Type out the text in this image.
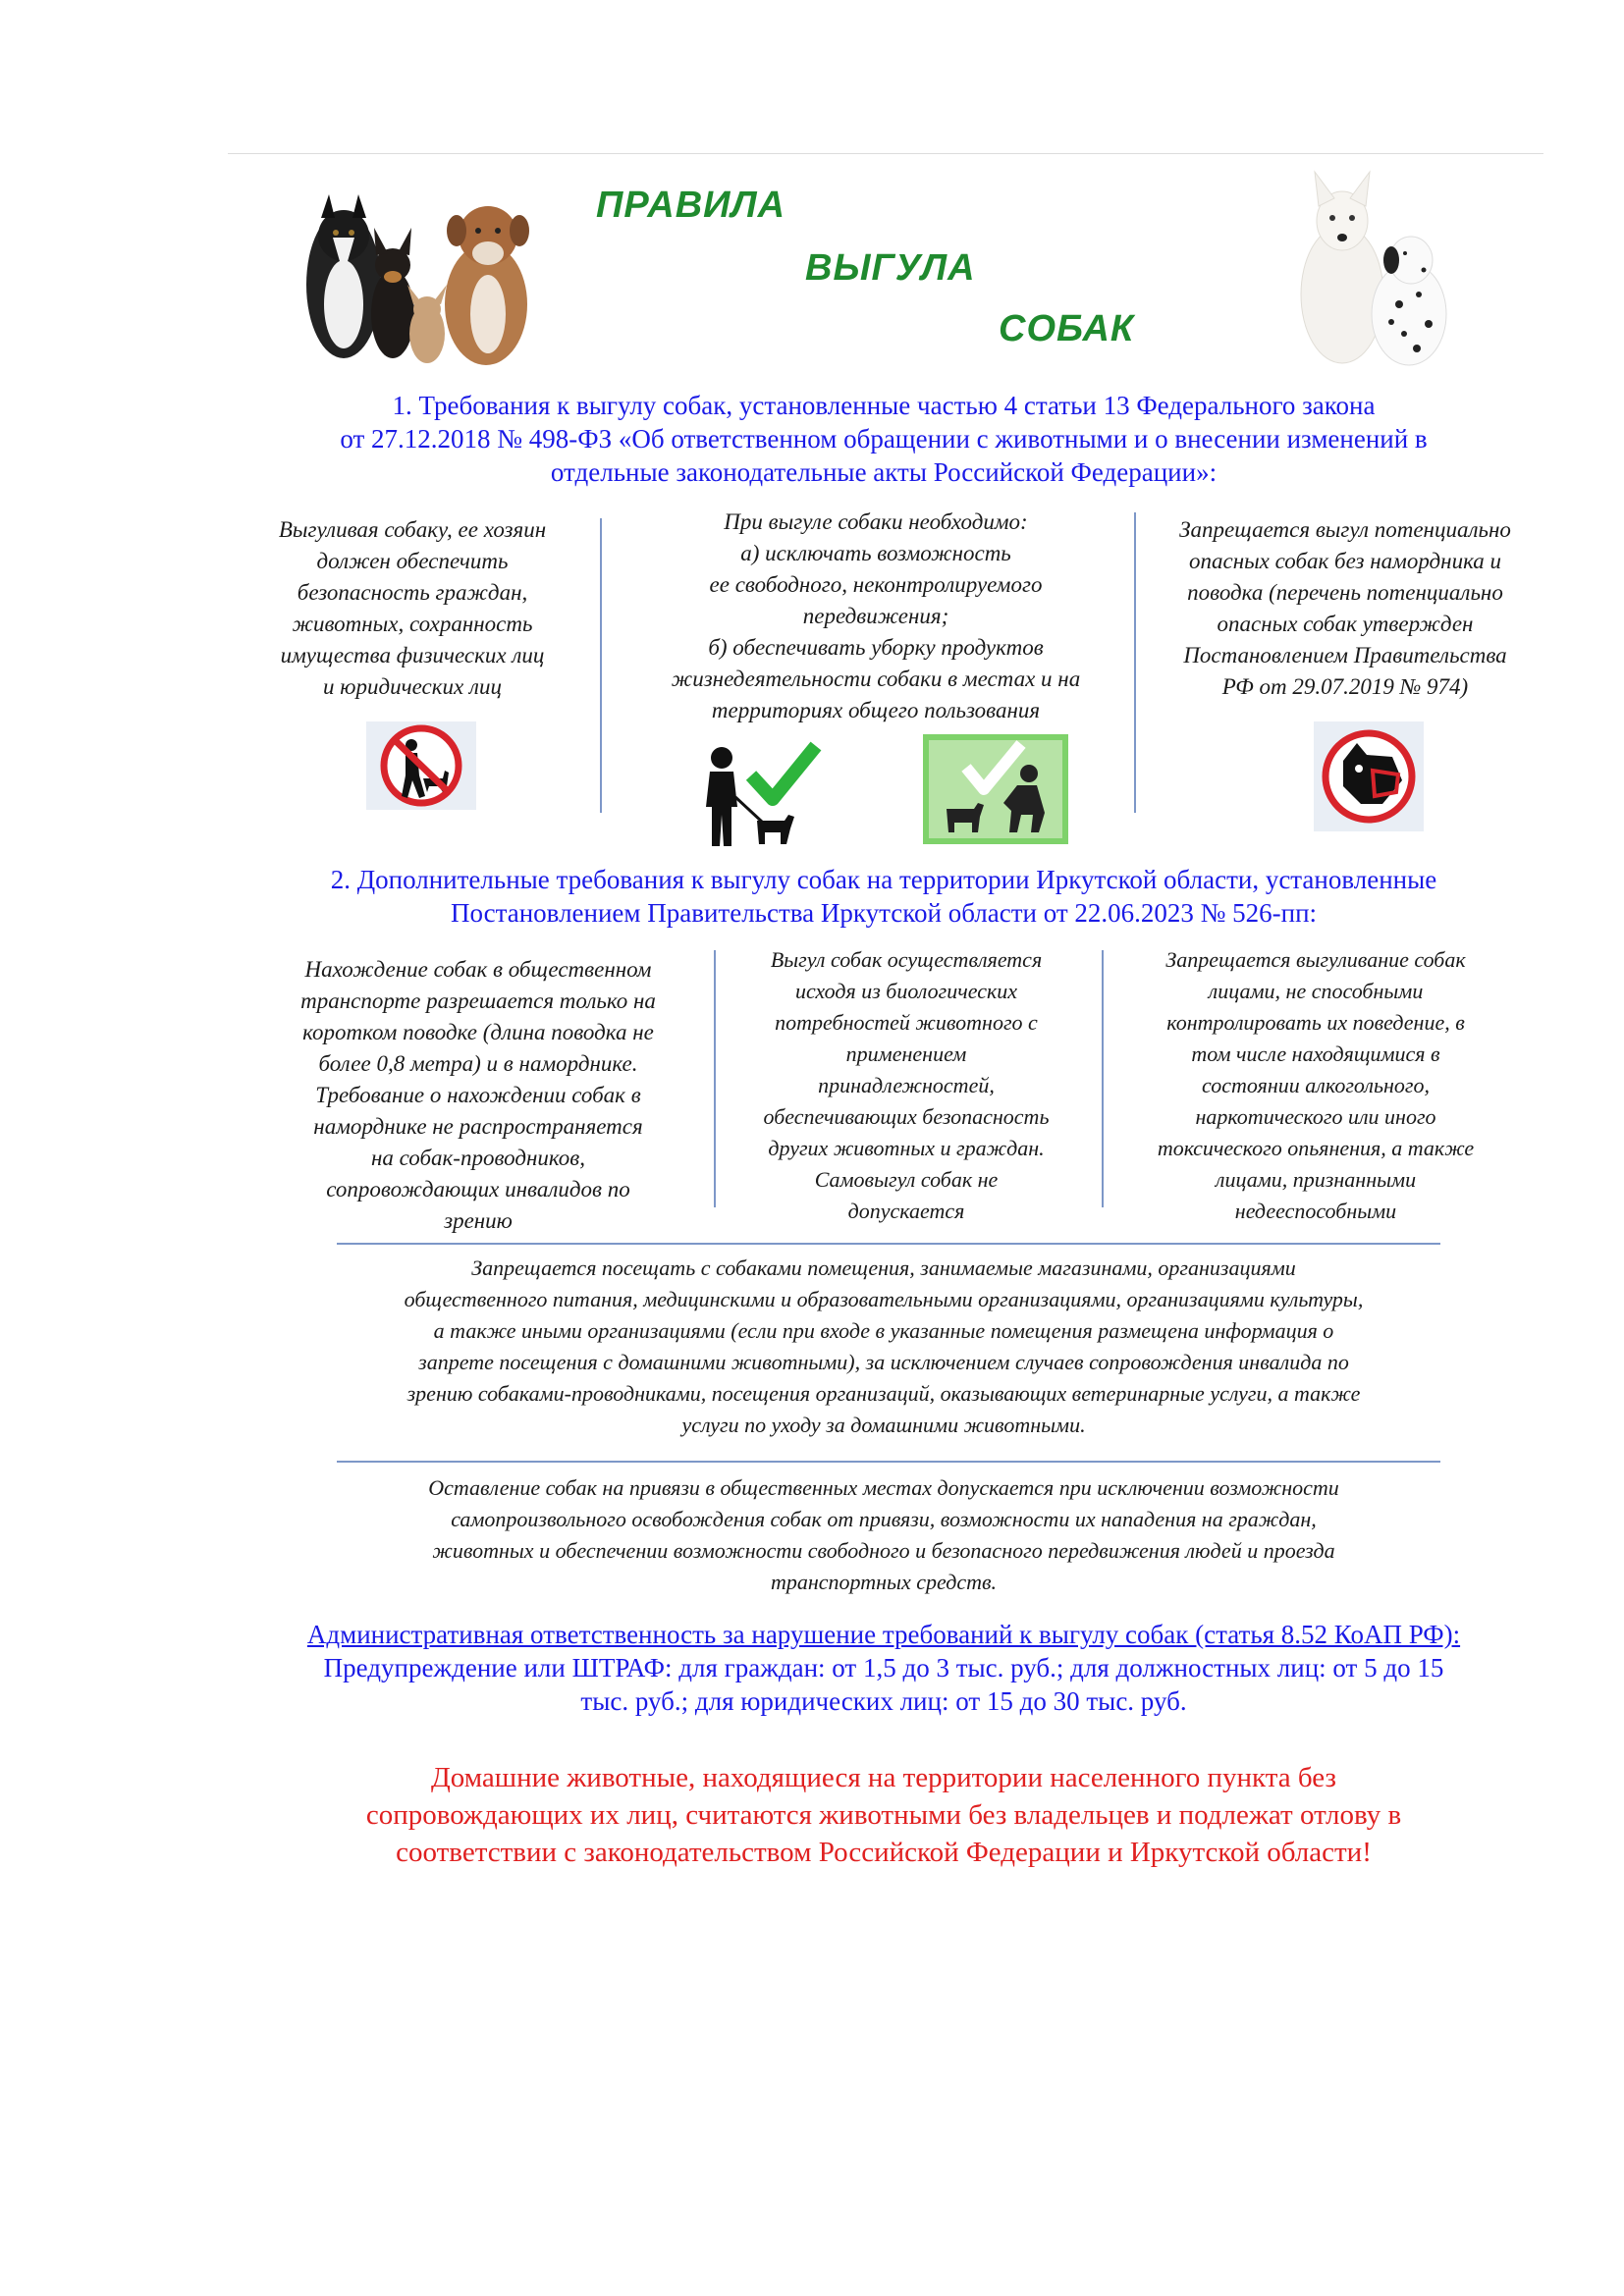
ПРАВИЛА
ВЫГУЛА
СОБАК
1. Требования к выгулу собак, установленные частью 4 статьи 13 Федерального закона
от 27.12.2018 № 498-ФЗ «Об ответственном обращении с животными и о внесении изменений в
отдельные законодательные акты Российской Федерации»:
Выгуливая собаку, ее хозяин
должен обеспечить
безопасность граждан,
животных, сохранность
имущества физических лиц
и юридических лиц
При выгуле собаки необходимо:
а) исключать возможность
ее свободного, неконтролируемого
передвижения;
б) обеспечивать уборку продуктов
жизнедеятельности собаки в местах и на
территориях общего пользования
Запрещается выгул потенциально
опасных собак без намордника и
поводка (перечень потенциально
опасных собак утвержден
Постановлением Правительства
РФ от 29.07.2019 № 974)
2. Дополнительные требования к выгулу собак на территории Иркутской области, установленные
Постановлением Правительства Иркутской области от 22.06.2023 № 526-пп:
Нахождение собак в общественном
транспорте разрешается только на
коротком поводке (длина поводка не
более 0,8 метра) и в наморднике.
Требование о нахождении собак в
наморднике не распространяется
на собак-проводников,
сопровождающих инвалидов по
зрению
Выгул собак осуществляется
исходя из биологических
потребностей животного с
применением
принадлежностей,
обеспечивающих безопасность
других животных и граждан.
Самовыгул собак не
допускается
Запрещается выгуливание собак
лицами, не способными
контролировать их поведение, в
том числе находящимися в
состоянии алкогольного,
наркотического или иного
токсического опьянения, а также
лицами, признанными
недееспособными
Запрещается посещать с собаками помещения, занимаемые магазинами, организациями
общественного питания, медицинскими и образовательными организациями, организациями культуры,
а также иными организациями (если при входе в указанные помещения размещена информация о
запрете посещения с домашними животными), за исключением случаев сопровождения инвалида по
зрению собаками-проводниками, посещения организаций, оказывающих ветеринарные услуги, а также
услуги по уходу за домашними животными.
Оставление собак на привязи в общественных местах допускается при исключении возможности
самопроизвольного освобождения собак от привязи, возможности их нападения на граждан,
животных и обеспечении возможности свободного и безопасного передвижения людей и проезда
транспортных средств.
Административная ответственность за нарушение требований к выгулу собак (статья 8.52 КоАП РФ):
Предупреждение или ШТРАФ: для граждан: от 1,5 до 3 тыс. руб.; для должностных лиц: от 5 до 15
тыс. руб.; для юридических лиц: от 15 до 30 тыс. руб.
Домашние животные, находящиеся на территории населенного пункта без
сопровождающих их лиц, считаются животными без владельцев и подлежат отлову в
соответствии с законодательством Российской Федерации и Иркутской области!
